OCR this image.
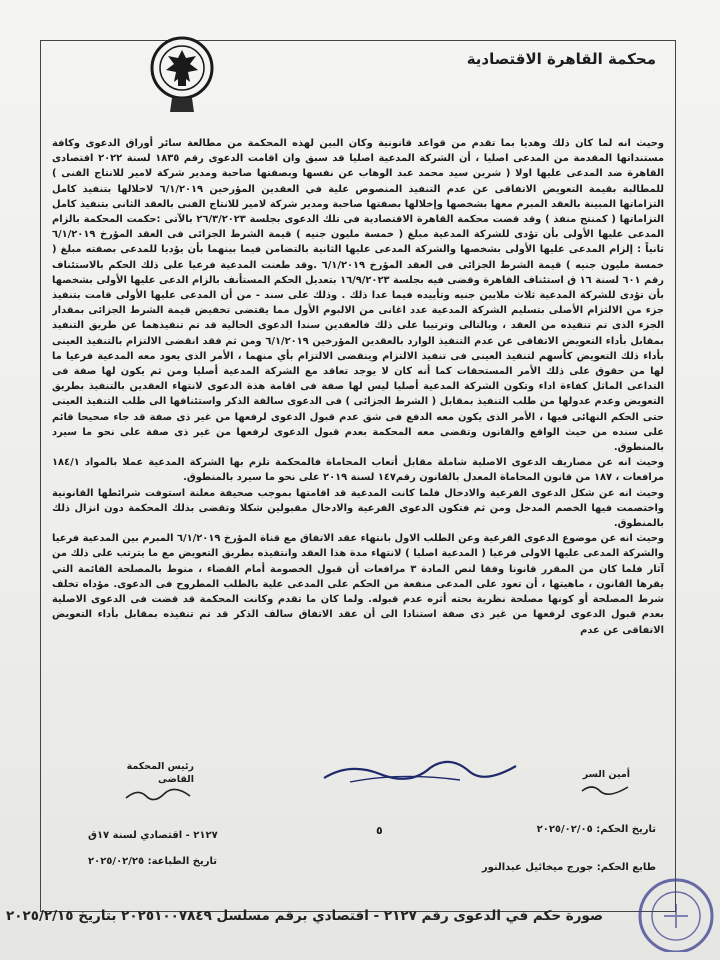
محكمة القاهرة الاقتصادية

وحيث انه لما كان ذلك وهديا بما تقدم من قواعد قانونية وكان البين لهذه المحكمة من مطالعة سائر أوراق الدعوى وكافة مستنداتها المقدمة من المدعى اصليا ، أن الشركة المدعية اصليا قد سبق وان اقامت الدعوى رقم ١٨٣٥ لسنة ٢٠٢٢ اقتصادى القاهرة ضد المدعى عليها اولا ( شرين سيد محمد عبد الوهاب عن نفسها وبصفتها صاحبة ومدير شركة لامير للانتاج الفنى ) للمطالبة بقيمة التعويض الاتفاقى عن عدم التنفيذ المنصوص علية في العقدين المؤرخين ٦/١/٢٠١٩ لاخلالها بتنفيذ كامل التزاماتها المبينة بالعقد المبرم معها بشخصها وإخلالها بصفتها صاحبة ومدير شركة لامير للانتاج الفنى بالعقد الثانى بتنفيذ كامل التزاماتها ( كمنتج منفذ ) وقد قضت محكمة القاهرة الاقتصادية فى تلك الدعوى بجلسة ٢٦/٣/٢٠٢٣ بالآتى :حكمت المحكمة بالزام المدعى عليها الأولى بأن تؤدى للشركة المدعية مبلغ ( خمسة مليون جنيه ) قيمة الشرط الجزائى فى العقد المؤرخ ٦/١/٢٠١٩ ثانياً : إلزام المدعى عليها الأولى بشخصها والشركة المدعى عليها الثانية بالتضامن فيما بينهما بأن يؤديا للمدعى بصفته مبلغ ( خمسة مليون جنيه ) قيمة الشرط الجزائى فى العقد المؤرخ ٦/١/٢٠١٩ .وقد طعنت المدعية فرعيا على ذلك الحكم بالاستئناف رقم ٦٠١ لسنة ١٦ ق استئناف القاهرة وقضى فيه بجلسة ١٦/٩/٢٠٢٣ بتعديل الحكم المستأنف بالزام الدعى عليها الأولى بشخصها بأن تؤدى للشركة المدعية ثلاث ملايين جنيه وتأييده فيما عدا ذلك . وذلك على سند - من أن المدعى عليها الأولى قامت بتنفيذ جزء من الالتزام الأصلى بتسليم الشركة المدعية عدد اغانى من الالبوم الأول مما يقتضى تخفيض قيمة الشرط الجزائى بمقدار الجزء الذى تم تنفيذه من العقد ، وبالتالى وترتيبا على ذلك فالعقدين سندا الدعوى الحالية قد تم تنفيذهما عن طريق التنفيذ بمقابل بأداء التعويض الاتفاقى عن عدم التنفيذ الوارد بالعقدين المؤرخين ٦/١/٢٠١٩ ومن ثم فقد انقضى الالتزام بالتنفيذ العينى بأداء ذلك التعويض كأسهم لتنفيذ العينى فى تنفيذ الالتزام وينقضى الالتزام بأي منهما ، الأمر الذى يعود معه المدعية فرعيا ما لها من حقوق على ذلك الأمر المستحقات كما أنه كان لا يوجد تعاقد مع الشركة المدعية أصليا ومن ثم يكون لها صفة فى التداعى الماثل كفاءة اداء وتكون الشركة المدعية أصليا ليس لها صفة فى اقامة هذة الدعوى لانتهاء العقدين بالتنفيذ بطريق التعويض وعدم عدولها من طلب التنفيذ بمقابل ( الشرط الجزائى ) فى الدعوى سالفة الذكر واستئنافها الى طلب التنفيذ العينى حتى الحكم النهائى فيها ، الأمر الذى يكون معه الدفع فى شق عدم قبول الدعوى لرفعها من غير ذى صفة قد جاء صحيحا قائم على سنده من حيث الواقع والقانون وتقضى معه المحكمة بعدم قبول الدعوى لرفعها من غير ذى صفة على نحو ما سيرد بالمنطوق.

وحيث انه عن مصاريف الدعوى الاصلية شاملة مقابل أتعاب المحاماة فالمحكمة تلزم بها الشركة المدعية عملا بالمواد ١٨٤/١ مرافعات ، ١٨٧ من قانون المحاماة المعدل بالقانون رقم١٤٧ لسنة ٢٠١٩ على نحو ما سيرد بالمنطوق.

وحيث انه عن شكل الدعوى الفرعية والادخال فلما كانت المدعية قد اقامتها بموجب صحيفة معلنة استوفت شرائطها القانونية واختصمت فيها الخصم المدخل ومن ثم فتكون الدعوى الفرعية والادخال مقبولين شكلا وتقضى بذلك المحكمة دون انزال ذلك بالمنطوق.

وحيث انه عن موضوع الدعوى الفرعية وعن الطلب الاول بانتهاء عقد الاتفاق مع قناة المؤرخ ٦/١/٢٠١٩ المبرم بين المدعية فرعيا والشركة المدعى عليها الاولى فرعيا ( المدعية اصليا ) لانتهاء مدة هذا العقد وانتفيذه بطريق التعويض مع ما يترتب على ذلك من آثار فلما كان من المقرر قانونا وفقا لنص المادة ٣ مرافعات أن قبول الخصومة أمام القضاء ، منوط بالمصلحة القائمة التي يقرها القانون ، ماهيتها ، أن تعود على المدعى منفعة من الحكم على المدعى علية بالطلب المطروح فى الدعوى. مؤداه تخلف شرط المصلحة أو كونها مصلحة نظرية بحته أثره عدم قبوله. ولما كان ما تقدم وكانت المحكمة قد قضت فى الدعوى الاصلية بعدم قبول الدعوى لرفعها من غير ذى صفة استنادا الى أن عقد الاتفاق سالف الذكر قد تم تنفيذه بمقابل بأداء التعويض الاتفاقى عن عدم

رئيس المحكمة
القاضى	أمين السر
تاريخ الحكم: ٢٠٢٥/٠٢/٠٥
٥
٢١٢٧ - اقتصادي لسنة ١٧ق
تاريخ الطباعة: ٢٠٢٥/٠٢/٢٥
طابع الحكم: جورج ميخائيل عبدالنور
صورة حكم في الدعوى رقم ٢١٢٧ - اقتصادي برقم مسلسل ٢٠٢٥١٠٠٧٨٤٩ بتاريخ ٢٠٢٥/٢/١٥
